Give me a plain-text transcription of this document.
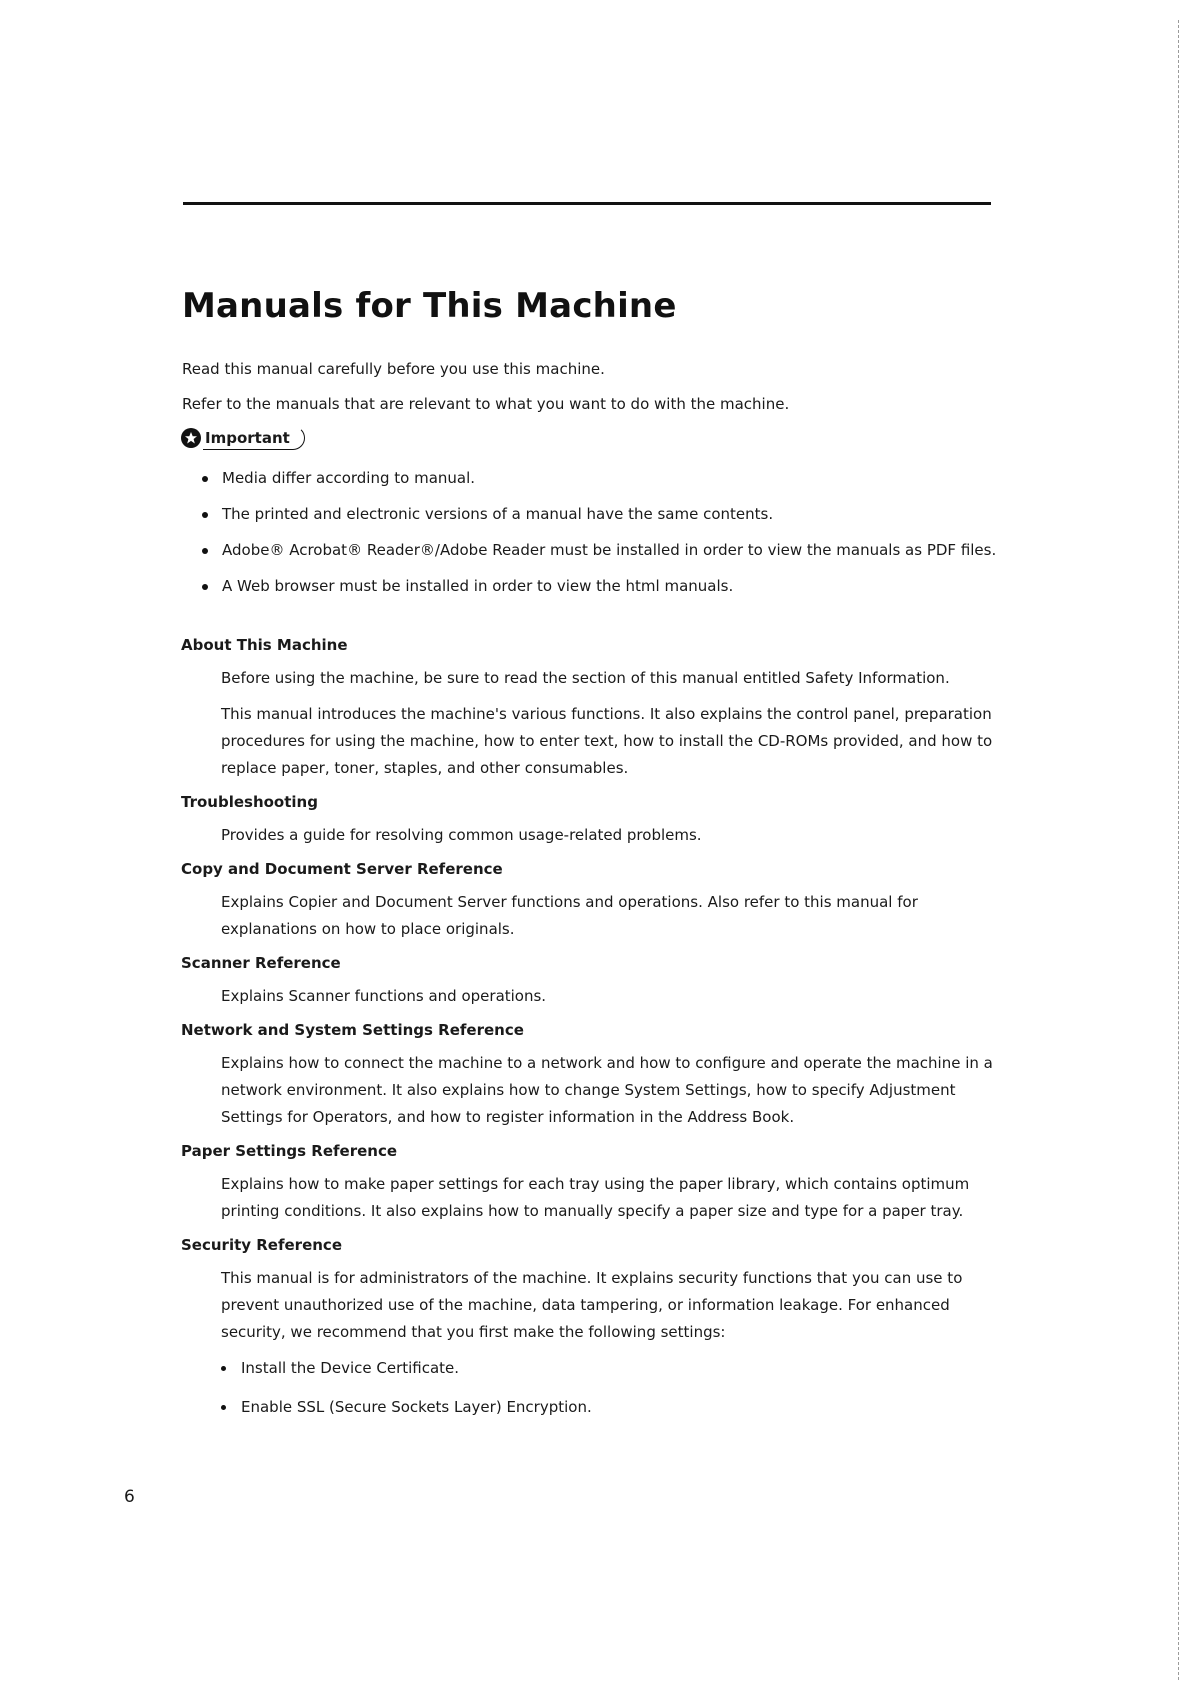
Manuals for This Machine

Read this manual carefully before you use this machine.

Refer to the manuals that are relevant to what you want to do with the machine.

Important
Media differ according to manual.
The printed and electronic versions of a manual have the same contents.
Adobe® Acrobat® Reader®/Adobe Reader must be installed in order to view the manuals as PDF files.
A Web browser must be installed in order to view the html manuals.

About This Machine

Before using the machine, be sure to read the section of this manual entitled Safety Information.

This manual introduces the machine's various functions. It also explains the control panel, preparation procedures for using the machine, how to enter text, how to install the CD-ROMs provided, and how to replace paper, toner, staples, and other consumables.

Troubleshooting

Provides a guide for resolving common usage-related problems.

Copy and Document Server Reference

Explains Copier and Document Server functions and operations. Also refer to this manual for explanations on how to place originals.

Scanner Reference

Explains Scanner functions and operations.

Network and System Settings Reference

Explains how to connect the machine to a network and how to configure and operate the machine in a network environment. It also explains how to change System Settings, how to specify Adjustment Settings for Operators, and how to register information in the Address Book.

Paper Settings Reference

Explains how to make paper settings for each tray using the paper library, which contains optimum printing conditions. It also explains how to manually specify a paper size and type for a paper tray.

Security Reference

This manual is for administrators of the machine. It explains security functions that you can use to prevent unauthorized use of the machine, data tampering, or information leakage. For enhanced security, we recommend that you first make the following settings:

Install the Device Certificate.
Enable SSL (Secure Sockets Layer) Encryption.

6
